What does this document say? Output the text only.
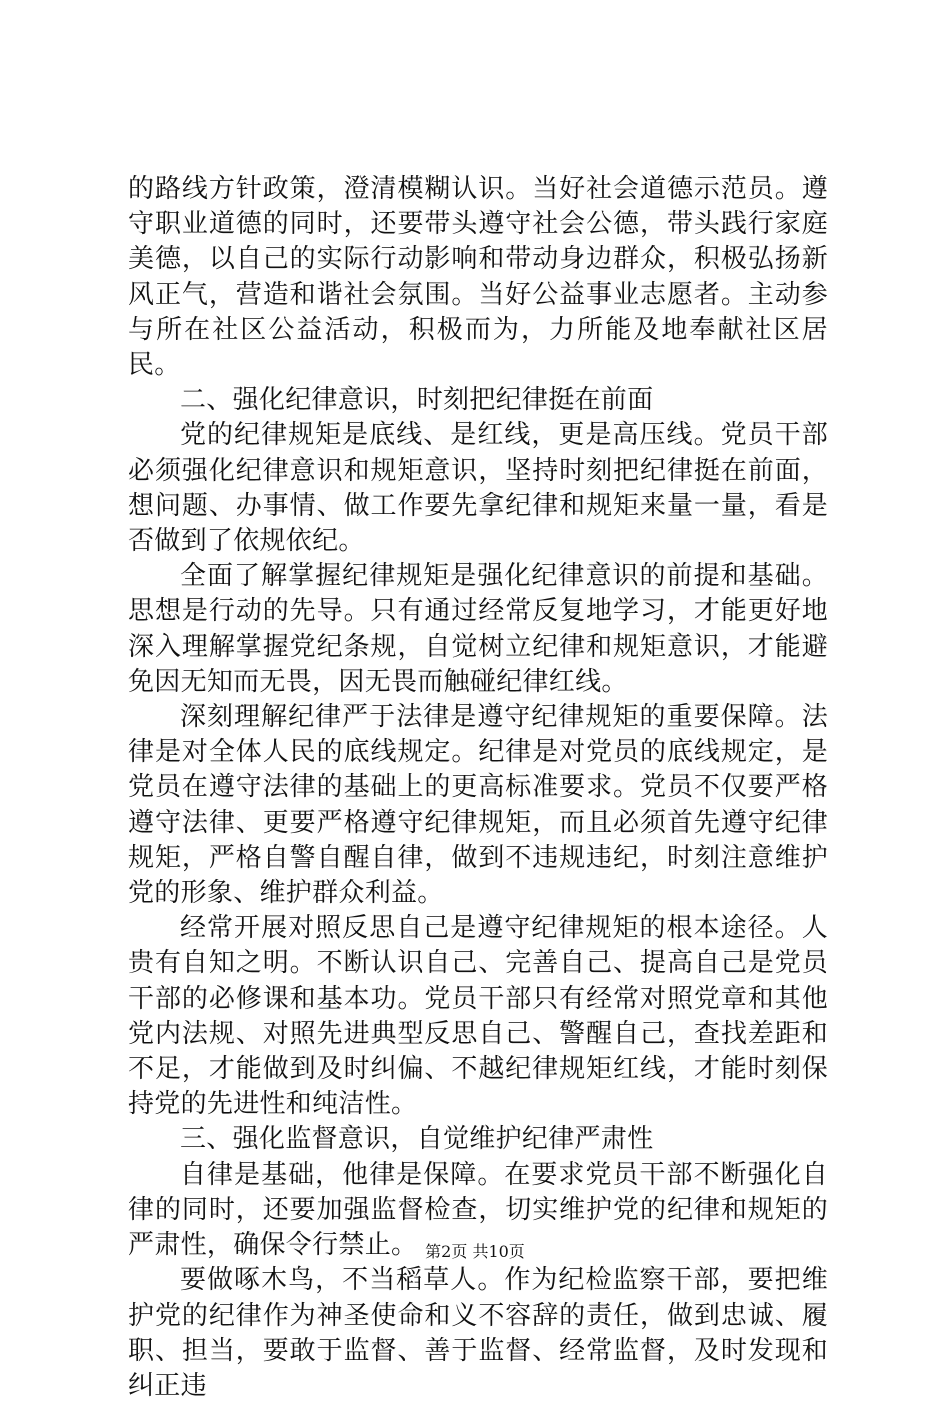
的路线方针政策，澄清模糊认识。当好社会道德示范员。遵守职业道德的同时，还要带头遵守社会公德，带头践行家庭美德，以自己的实际行动影响和带动身边群众，积极弘扬新风正气，营造和谐社会氛围。当好公益事业志愿者。主动参与所在社区公益活动，积极而为，力所能及地奉献社区居民。

二、强化纪律意识，时刻把纪律挺在前面

党的纪律规矩是底线、是红线，更是高压线。党员干部必须强化纪律意识和规矩意识，坚持时刻把纪律挺在前面，想问题、办事情、做工作要先拿纪律和规矩来量一量，看是否做到了依规依纪。

全面了解掌握纪律规矩是强化纪律意识的前提和基础。思想是行动的先导。只有通过经常反复地学习，才能更好地深入理解掌握党纪条规，自觉树立纪律和规矩意识，才能避免因无知而无畏，因无畏而触碰纪律红线。

深刻理解纪律严于法律是遵守纪律规矩的重要保障。法律是对全体人民的底线规定。纪律是对党员的底线规定，是党员在遵守法律的基础上的更高标准要求。党员不仅要严格遵守法律、更要严格遵守纪律规矩，而且必须首先遵守纪律规矩，严格自警自醒自律，做到不违规违纪，时刻注意维护党的形象、维护群众利益。

经常开展对照反思自己是遵守纪律规矩的根本途径。人贵有自知之明。不断认识自己、完善自己、提高自己是党员干部的必修课和基本功。党员干部只有经常对照党章和其他党内法规、对照先进典型反思自己、警醒自己，查找差距和不足，才能做到及时纠偏、不越纪律规矩红线，才能时刻保持党的先进性和纯洁性。

三、强化监督意识，自觉维护纪律严肃性

自律是基础，他律是保障。在要求党员干部不断强化自律的同时，还要加强监督检查，切实维护党的纪律和规矩的严肃性，确保令行禁止。

要做啄木鸟，不当稻草人。作为纪检监察干部，要把维护党的纪律作为神圣使命和义不容辞的责任，做到忠诚、履职、担当，要敢于监督、善于监督、经常监督，及时发现和纠正违

第2页 共10页
